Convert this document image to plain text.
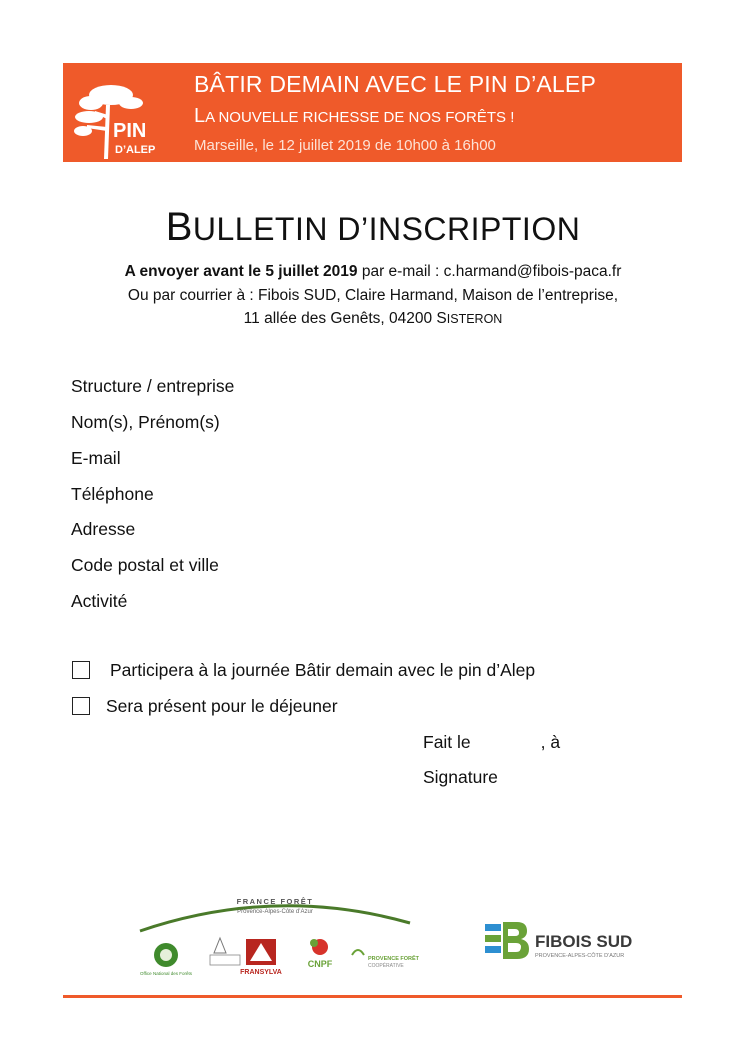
PIN
D’ALEP
BÂTIR DEMAIN AVEC LE PIN D’ALEP
LA NOUVELLE RICHESSE DE NOS FORÊTS !
Marseille, le 12 juillet 2019 de 10h00 à 16h00
BULLETIN D’INSCRIPTION
A envoyer avant le 5 juillet 2019 par e-mail : c.harmand@fibois-paca.fr
Ou par courrier à : Fibois SUD, Claire Harmand, Maison de l’entreprise,
11 allée des Genêts, 04200 SISTERON
Structure / entreprise
Nom(s), Prénom(s)
E-mail
Téléphone
Adresse
Code postal et ville
Activité
Participera à la journée Bâtir demain avec le pin d’Alep
Sera présent pour le déjeuner
Fait le	, à
Signature
FRANCE FORÊT
Provence-Alpes-Côte d’Azur
Office National des Forêts	FRANSYLVA
CNPF	PROVENCE FORÊT
COOPÉRATIVE
FIBOIS SUD
PROVENCE-ALPES-CÔTE D’AZUR
